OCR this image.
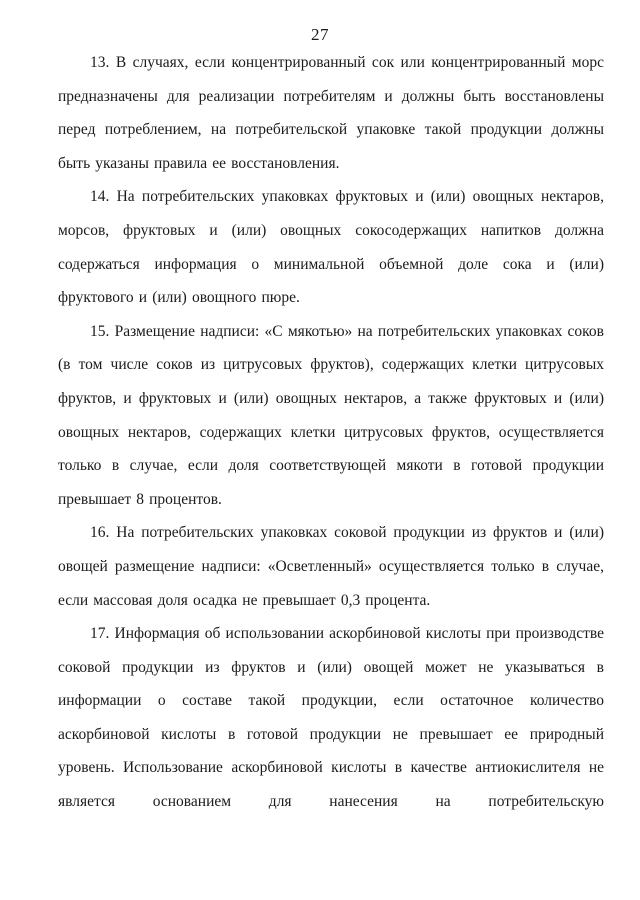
27

13. В случаях, если концентрированный сок или концентрированный морс предназначены для реализации потребителям и должны быть восстановлены перед потреблением, на потребительской упаковке такой продукции должны быть указаны правила ее восстановления.

14. На потребительских упаковках фруктовых и (или) овощных нектаров, морсов, фруктовых и (или) овощных сокосодержащих напитков должна содержаться информация о минимальной объемной доле сока и (или) фруктового и (или) овощного пюре.

15. Размещение надписи: «С мякотью» на потребительских упаковках соков (в том числе соков из цитрусовых фруктов), содержащих клетки цитрусовых фруктов, и фруктовых и (или) овощных нектаров, а также фруктовых и (или) овощных нектаров, содержащих клетки цитрусовых фруктов, осуществляется только в случае, если доля соответствующей мякоти в готовой продукции превышает 8 процентов.

16. На потребительских упаковках соковой продукции из фруктов и (или) овощей размещение надписи: «Осветленный» осуществляется только в случае, если массовая доля осадка не превышает 0,3 процента.

17. Информация об использовании аскорбиновой кислоты при производстве соковой продукции из фруктов и (или) овощей может не указываться в информации о составе такой продукции, если остаточное количество аскорбиновой кислоты в готовой продукции не превышает ее природный уровень. Использование аскорбиновой кислоты в качестве антиокислителя не является основанием для нанесения на потребительскую
